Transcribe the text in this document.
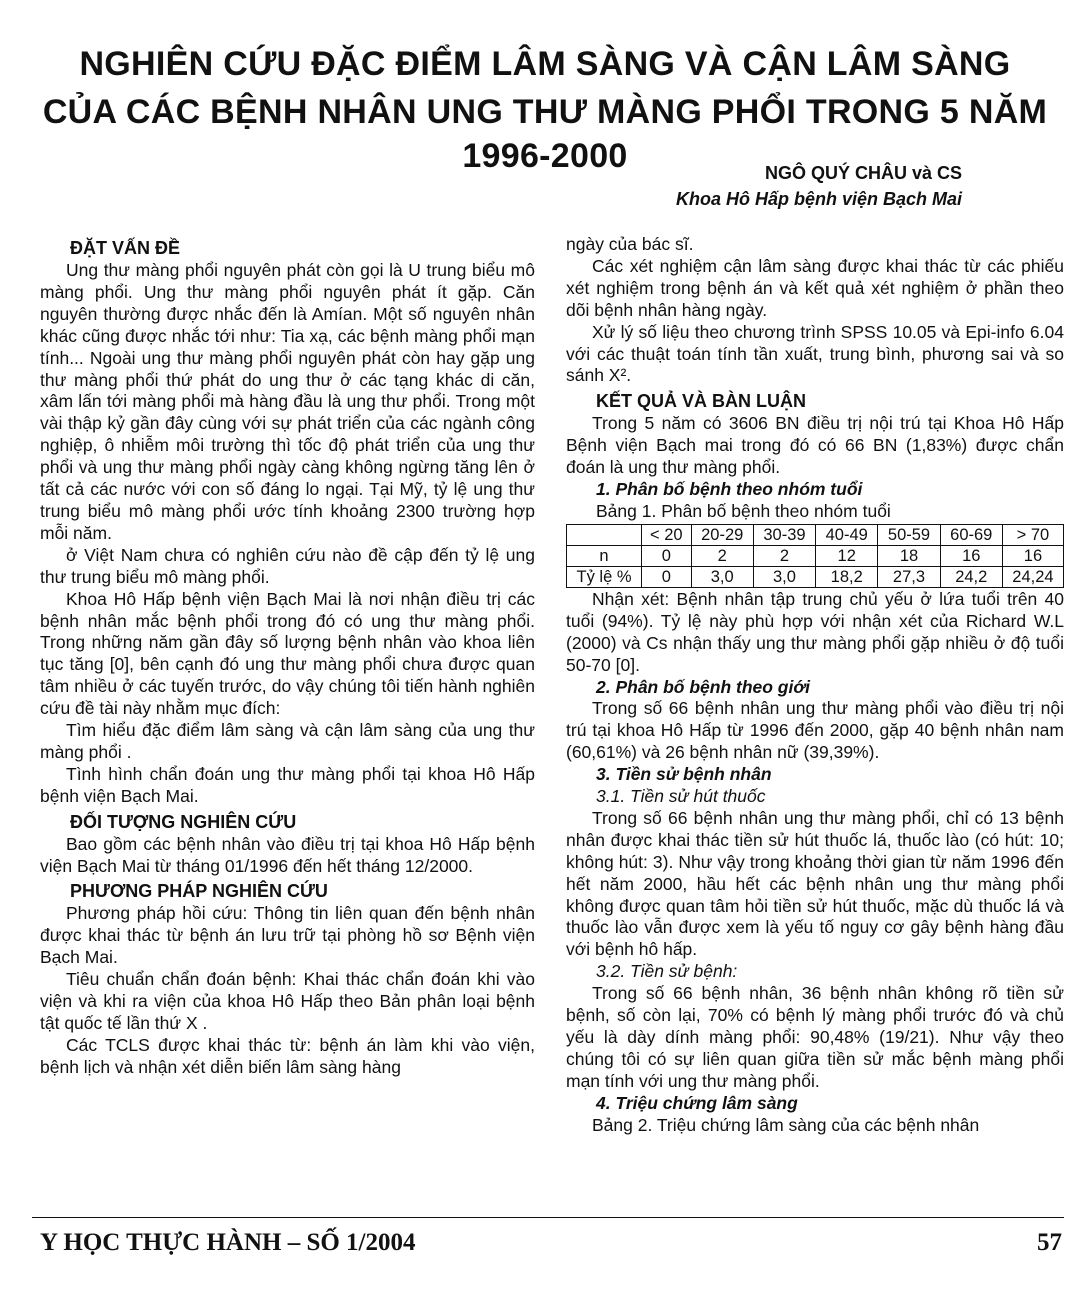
NGHIÊN CỨU ĐẶC ĐIỂM LÂM SÀNG VÀ CẬN LÂM SÀNG
CỦA CÁC BỆNH NHÂN UNG THƯ MÀNG PHỔI TRONG 5 NĂM 1996-2000	NGÔ QUÝ CHÂU và CS
Khoa Hô Hấp bệnh viện Bạch Mai
ĐẶT VẤN ĐỀ

Ung thư màng phổi nguyên phát còn gọi là U trung biểu mô màng phổi. Ung thư màng phổi nguyên phát ít gặp. Căn nguyên thường được nhắc đến là Amían. Một số nguyên nhân khác cũng được nhắc tới như: Tia xạ, các bệnh màng phổi mạn tính... Ngoài ung thư màng phổi nguyên phát còn hay gặp ung thư màng phổi thứ phát do ung thư ở các tạng khác di căn, xâm lấn tới màng phổi mà hàng đầu là ung thư phổi. Trong một vài thập kỷ gần đây cùng với sự phát triển của các ngành công nghiệp, ô nhiễm môi trường thì tốc độ phát triển của ung thư phổi và ung thư màng phổi ngày càng không ngừng tăng lên ở tất cả các nước với con số đáng lo ngại. Tại Mỹ, tỷ lệ ung thư trung biểu mô màng phổi ước tính khoảng 2300 trường hợp mỗi năm.

ở Việt Nam chưa có nghiên cứu nào đề cập đến tỷ lệ ung thư trung biểu mô màng phổi.

Khoa Hô Hấp bệnh viện Bạch Mai là nơi nhận điều trị các bệnh nhân mắc bệnh phổi trong đó có ung thư màng phổi. Trong những năm gần đây số lượng bệnh nhân vào khoa liên tục tăng [0], bên cạnh đó ung thư màng phổi chưa được quan tâm nhiều ở các tuyến trước, do vậy chúng tôi tiến hành nghiên cứu đề tài này nhằm mục đích:

Tìm hiểu đặc điểm lâm sàng và cận lâm sàng của ung thư màng phổi .

Tình hình chẩn đoán ung thư màng phổi tại khoa Hô Hấp bệnh viện Bạch Mai.

ĐỐI TƯỢNG NGHIÊN CỨU

Bao gồm các bệnh nhân vào điều trị tại khoa Hô Hấp bệnh viện Bạch Mai từ tháng 01/1996 đến hết tháng 12/2000.

PHƯƠNG PHÁP NGHIÊN CỨU

Phương pháp hồi cứu: Thông tin liên quan đến bệnh nhân được khai thác từ bệnh án lưu trữ tại phòng hồ sơ Bệnh viện Bạch Mai.

Tiêu chuẩn chẩn đoán bệnh: Khai thác chẩn đoán khi vào viện và khi ra viện của khoa Hô Hấp theo Bản phân loại bệnh tật quốc tế lần thứ X .

Các TCLS được khai thác từ: bệnh án làm khi vào viện, bệnh lịch và nhận xét diễn biến lâm sàng hàng

ngày của bác sĩ.

Các xét nghiệm cận lâm sàng được khai thác từ các phiếu xét nghiệm trong bệnh án và kết quả xét nghiệm ở phần theo dõi bệnh nhân hàng ngày.

Xử lý số liệu theo chương trình SPSS 10.05 và Epi-info 6.04 với các thuật toán tính tần xuất, trung bình, phương sai và so sánh X².

KẾT QUẢ VÀ BÀN LUẬN

Trong 5 năm có 3606 BN điều trị nội trú tại Khoa Hô Hấp Bệnh viện Bạch mai trong đó có 66 BN (1,83%) được chẩn đoán là ung thư màng phổi.

1. Phân bố bệnh theo nhóm tuổi
Bảng 1. Phân bố bệnh theo nhóm tuổi
	< 20	20-29	30-39	40-49	50-59	60-69	> 70
n	0	2	2	12	18	16	16
Tỷ lệ %	0	3,0	3,0	18,2	27,3	24,2	24,24

Nhận xét: Bệnh nhân tập trung chủ yếu ở lứa tuổi trên 40 tuổi (94%). Tỷ lệ này phù hợp với nhận xét của Richard W.L (2000) và Cs nhận thấy ung thư màng phổi gặp nhiều ở độ tuổi 50-70 [0].

2. Phân bố bệnh theo giới

Trong số 66 bệnh nhân ung thư màng phổi vào điều trị nội trú tại khoa Hô Hấp từ 1996 đến 2000, gặp 40 bệnh nhân nam (60,61%) và 26 bệnh nhân nữ (39,39%).

3. Tiền sử bệnh nhân
3.1. Tiền sử hút thuốc

Trong số 66 bệnh nhân ung thư màng phổi, chỉ có 13 bệnh nhân được khai thác tiền sử hút thuốc lá, thuốc lào (có hút: 10; không hút: 3). Như vậy trong khoảng thời gian từ năm 1996 đến hết năm 2000, hầu hết các bệnh nhân ung thư màng phổi không được quan tâm hỏi tiền sử hút thuốc, mặc dù thuốc lá và thuốc lào vẫn được xem là yếu tố nguy cơ gây bệnh hàng đầu với bệnh hô hấp.

3.2. Tiền sử bệnh:

Trong số 66 bệnh nhân, 36 bệnh nhân không rõ tiền sử bệnh, số còn lại, 70% có bệnh lý màng phổi trước đó và chủ yếu là dày dính màng phổi: 90,48% (19/21). Như vậy theo chúng tôi có sự liên quan giữa tiền sử mắc bệnh màng phổi mạn tính với ung thư màng phổi.

4. Triệu chứng lâm sàng

Bảng 2. Triệu chứng lâm sàng của các bệnh nhân

Y HỌC THỰC HÀNH – SỐ 1/2004	57
